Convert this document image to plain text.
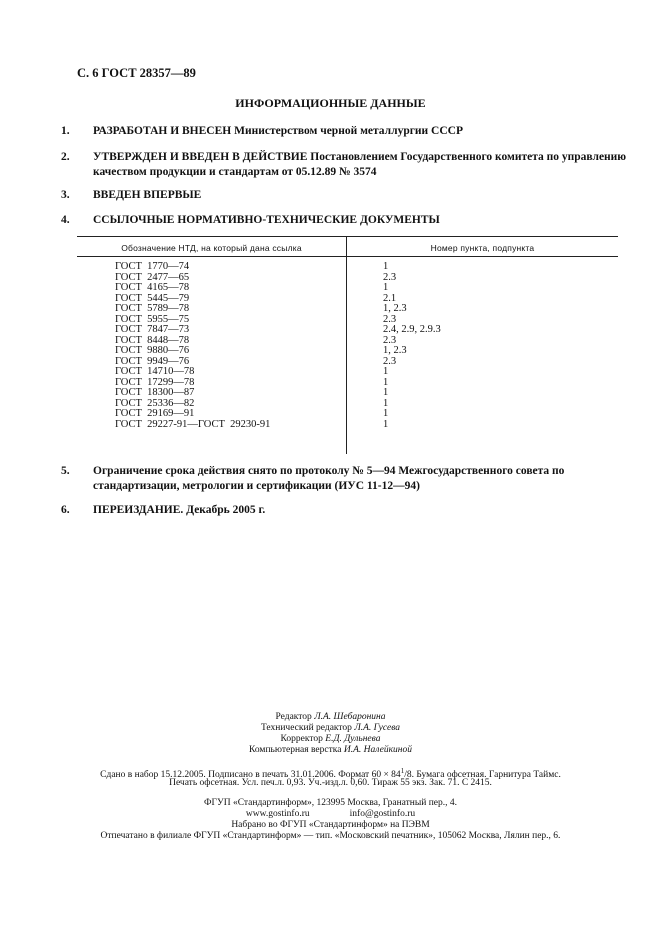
С. 6 ГОСТ 28357—89
ИНФОРМАЦИОННЫЕ ДАННЫЕ
1. РАЗРАБОТАН И ВНЕСЕН Министерством черной металлургии СССР
2. УТВЕРЖДЕН И ВВЕДЕН В ДЕЙСТВИЕ Постановлением Государственного комитета по управлению качеством продукции и стандартам от 05.12.89 № 3574
3. ВВЕДЕН ВПЕРВЫЕ
4. ССЫЛОЧНЫЕ НОРМАТИВНО-ТЕХНИЧЕСКИЕ ДОКУМЕНТЫ
Обозначение НТД, на который дана ссылка	Номер пункта, подпункта
ГОСТ  1770—74	1
ГОСТ  2477—65	2.3
ГОСТ  4165—78	1
ГОСТ  5445—79	2.1
ГОСТ  5789—78	1, 2.3
ГОСТ  5955—75	2.3
ГОСТ  7847—73	2.4, 2.9, 2.9.3
ГОСТ  8448—78	2.3
ГОСТ  9880—76	1, 2.3
ГОСТ  9949—76	2.3
ГОСТ  14710—78	1
ГОСТ  17299—78	1
ГОСТ  18300—87	1
ГОСТ  25336—82	1
ГОСТ  29169—91	1
ГОСТ  29227-91—ГОСТ  29230-91	1
5. Ограничение срока действия снято по протоколу № 5—94 Межгосударственного совета по стандартизации, метрологии и сертификации (ИУС 11-12—94)
6. ПЕРЕИЗДАНИЕ. Декабрь 2005 г.
Редактор Л.А. Шебаронина
Технический редактор Л.А. Гусева
Корректор Е.Д. Дульнева
Компьютерная верстка И.А. Налейкиной
Сдано в набор 15.12.2005. Подписано в печать 31.01.2006. Формат $60 \times 84^1/8$. Бумага офсетная. Гарнитура Таймс.
Печать офсетная. Усл. печ.л. 0,93. Уч.-изд.л. 0,60. Тираж 55 экз. Зак. 71. С 2415.
ФГУП «Стандартинформ», 123995 Москва, Гранатный пер., 4.
www.gostinfo.ru	info@gostinfo.ru
Набрано во ФГУП «Стандартинформ» на ПЭВМ
Отпечатано в филиале ФГУП «Стандартинформ» — тип. «Московский печатник», 105062 Москва, Лялин пер., 6.
